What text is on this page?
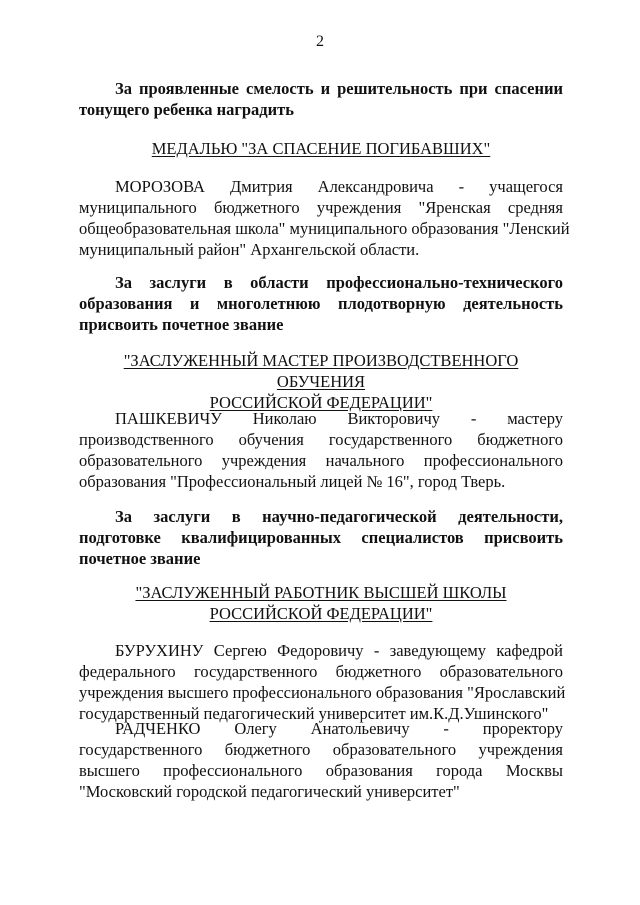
2
За проявленные смелость и решительность при спасении
тонущего ребенка наградить
МЕДАЛЬЮ "ЗА СПАСЕНИЕ ПОГИБАВШИХ"
МОРОЗОВА Дмитрия Александровича - учащегося
муниципального бюджетного учреждения "Яренская средняя
общеобразовательная школа" муниципального образования "Ленский
муниципальный район" Архангельской области.
За заслуги в области профессионально-технического
образования и многолетнюю плодотворную деятельность
присвоить почетное звание
"ЗАСЛУЖЕННЫЙ МАСТЕР ПРОИЗВОДСТВЕННОГО ОБУЧЕНИЯ
РОССИЙСКОЙ ФЕДЕРАЦИИ"
ПАШКЕВИЧУ Николаю Викторовичу - мастеру
производственного обучения государственного бюджетного
образовательного учреждения начального профессионального
образования "Профессиональный лицей № 16", город Тверь.
За заслуги в научно-педагогической деятельности,
подготовке квалифицированных специалистов присвоить
почетное звание
"ЗАСЛУЖЕННЫЙ РАБОТНИК ВЫСШЕЙ ШКОЛЫ
РОССИЙСКОЙ ФЕДЕРАЦИИ"
БУРУХИНУ Сергею Федоровичу - заведующему кафедрой
федерального государственного бюджетного образовательного
учреждения высшего профессионального образования "Ярославский
государственный педагогический университет им.К.Д.Ушинского"
РАДЧЕНКО Олегу Анатольевичу - проректору
государственного бюджетного образовательного учреждения
высшего профессионального образования города Москвы
"Московский городской педагогический университет"
